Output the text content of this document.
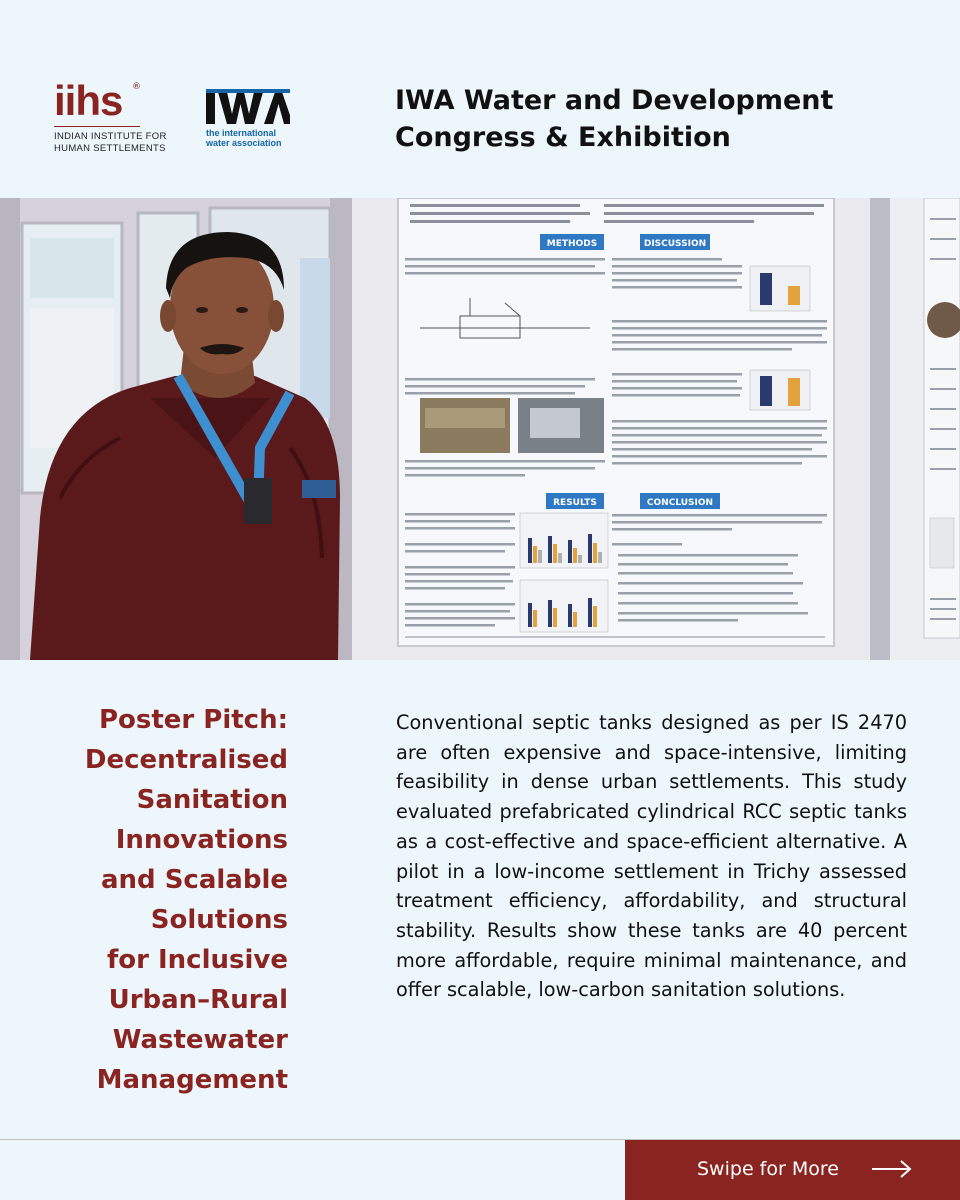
iihs ®
INDIAN INSTITUTE FOR
HUMAN SETTLEMENTS
the international
water association
IWA Water and Development
Congress & Exhibition
METHODS	DISCUSSION
RESULTS	CONCLUSION
Poster Pitch:
Decentralised
Sanitation
Innovations
and Scalable
Solutions
for Inclusive
Urban–Rural
Wastewater
Management
Conventional septic tanks designed as per IS 2470 are often expensive and space-intensive, limiting feasibility in dense urban settlements. This study evaluated prefabricated cylindrical RCC septic tanks as a cost-effective and space-efficient alternative. A pilot in a low-income settlement in Trichy assessed treatment efficiency, affordability, and structural stability. Results show these tanks are 40 percent more affordable, require minimal maintenance, and offer scalable, low-carbon sanitation solutions.
Swipe for More
